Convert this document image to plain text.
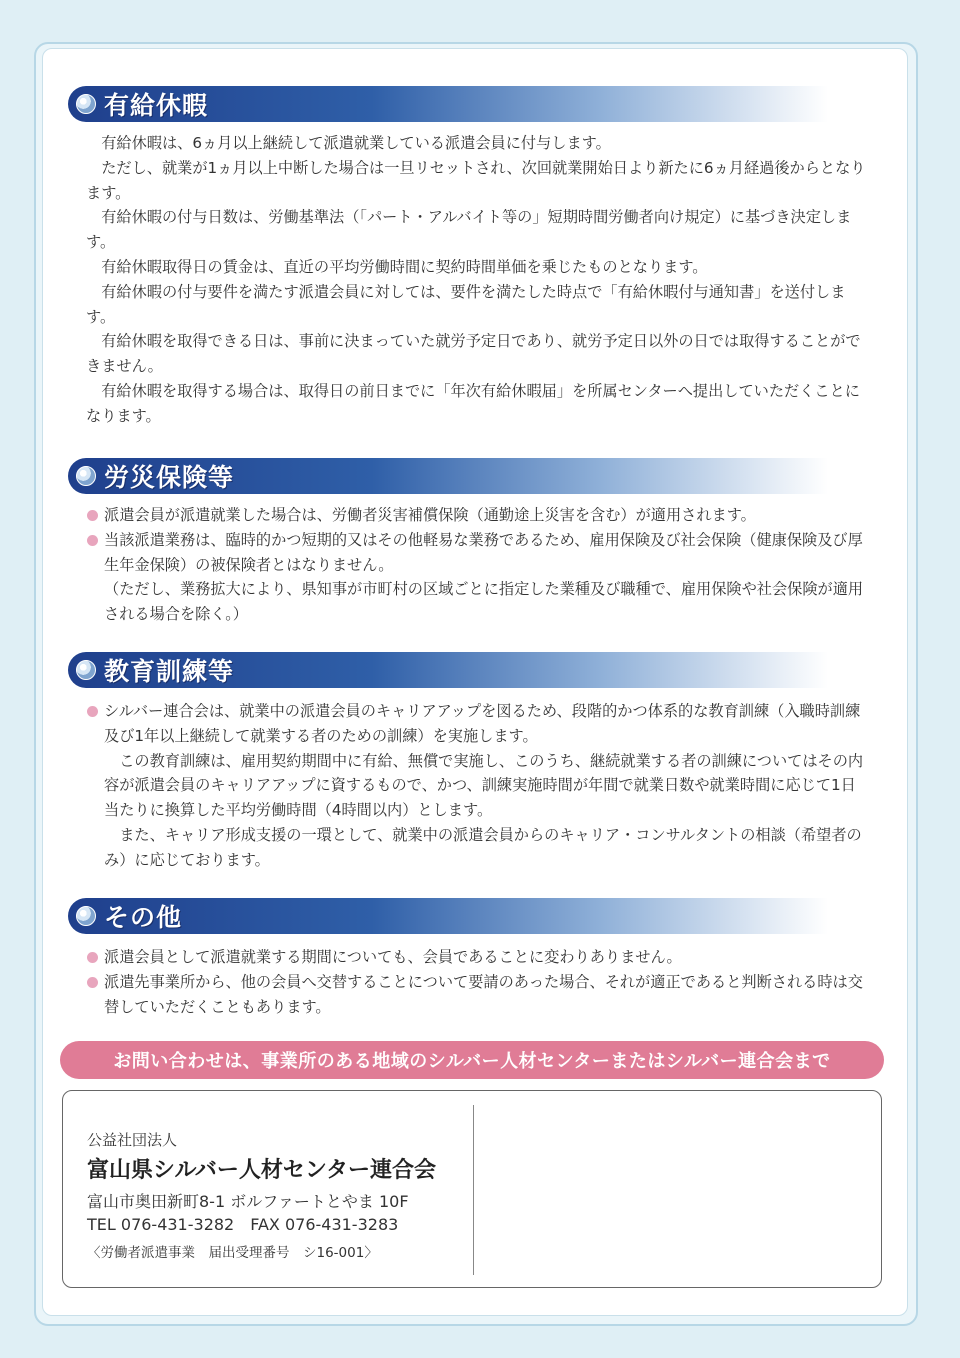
有給休暇

有給休暇は、6ヵ月以上継続して派遣就業している派遣会員に付与します。

ただし、就業が1ヵ月以上中断した場合は一旦リセットされ、次回就業開始日より新たに6ヵ月経過後からとなります。

有給休暇の付与日数は、労働基準法（「パート・アルバイト等の」短期時間労働者向け規定）に基づき決定します。

有給休暇取得日の賃金は、直近の平均労働時間に契約時間単価を乗じたものとなります。

有給休暇の付与要件を満たす派遣会員に対しては、要件を満たした時点で「有給休暇付与通知書」を送付します。

有給休暇を取得できる日は、事前に決まっていた就労予定日であり、就労予定日以外の日では取得することができません。

有給休暇を取得する場合は、取得日の前日までに「年次有給休暇届」を所属センターへ提出していただくことになります。

労災保険等
派遣会員が派遣就業した場合は、労働者災害補償保険（通勤途上災害を含む）が適用されます。
当該派遣業務は、臨時的かつ短期的又はその他軽易な業務であるため、雇用保険及び社会保険（健康保険及び厚生年金保険）の被保険者とはなりません。
（ただし、業務拡大により、県知事が市町村の区域ごとに指定した業種及び職種で、雇用保険や社会保険が適用される場合を除く。）
教育訓練等
シルバー連合会は、就業中の派遣会員のキャリアアップを図るため、段階的かつ体系的な教育訓練（入職時訓練及び1年以上継続して就業する者のための訓練）を実施します。

この教育訓練は、雇用契約期間中に有給、無償で実施し、このうち、継続就業する者の訓練についてはその内容が派遣会員のキャリアアップに資するもので、かつ、訓練実施時間が年間で就業日数や就業時間に応じて1日当たりに換算した平均労働時間（4時間以内）とします。

また、キャリア形成支援の一環として、就業中の派遣会員からのキャリア・コンサルタントの相談（希望者のみ）に応じております。

その他
派遣会員として派遣就業する期間についても、会員であることに変わりありません。
派遣先事業所から、他の会員へ交替することについて要請のあった場合、それが適正であると判断される時は交替していただくこともあります。
お問い合わせは、事業所のある地域のシルバー人材センターまたはシルバー連合会まで
公益社団法人
富山県シルバー人材センター連合会
富山市奥田新町8-1 ボルファートとやま 10F
TEL 076-431-3282　FAX 076-431-3283
〈労働者派遣事業　届出受理番号　シ16-001〉
